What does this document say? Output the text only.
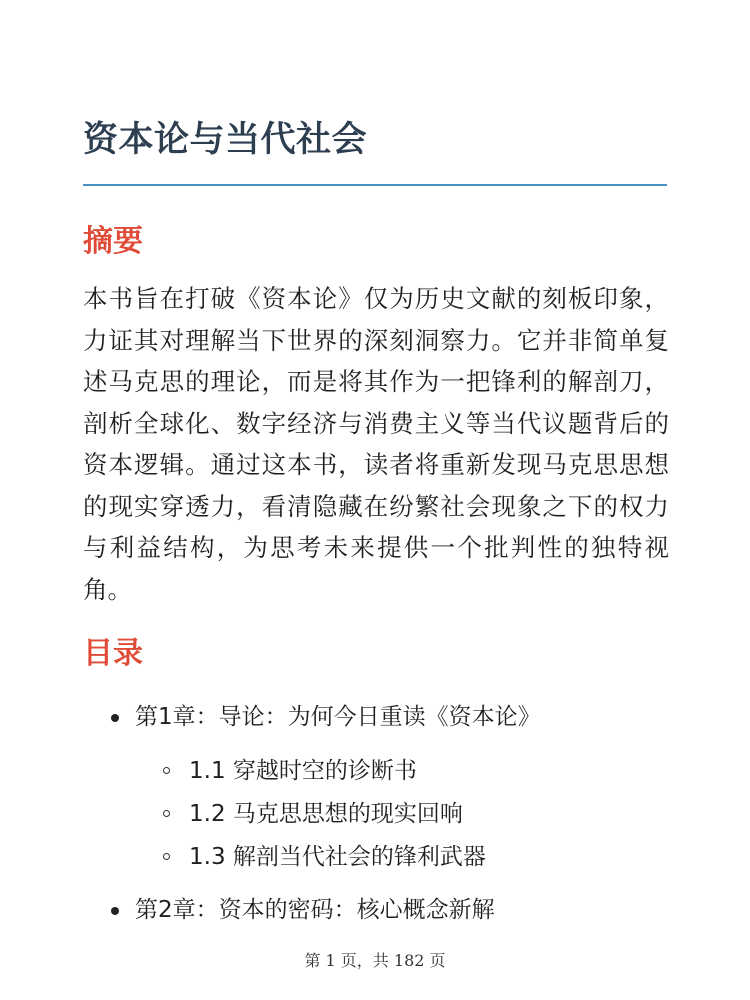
资本论与当代社会
摘要

本书旨在打破《资本论》仅为历史文献的刻板印象，力证其对理解当下世界的深刻洞察力。它并非简单复述马克思的理论，而是将其作为一把锋利的解剖刀，剖析全球化、数字经济与消费主义等当代议题背后的资本逻辑。通过这本书，读者将重新发现马克思思想的现实穿透力，看清隐藏在纷繁社会现象之下的权力与利益结构，为思考未来提供一个批判性的独特视角。

目录
第1章：导论：为何今日重读《资本论》
1.1 穿越时空的诊断书
1.2 马克思思想的现实回响
1.3 解剖当代社会的锋利武器
第2章：资本的密码：核心概念新解
第 1 页，共 182 页
